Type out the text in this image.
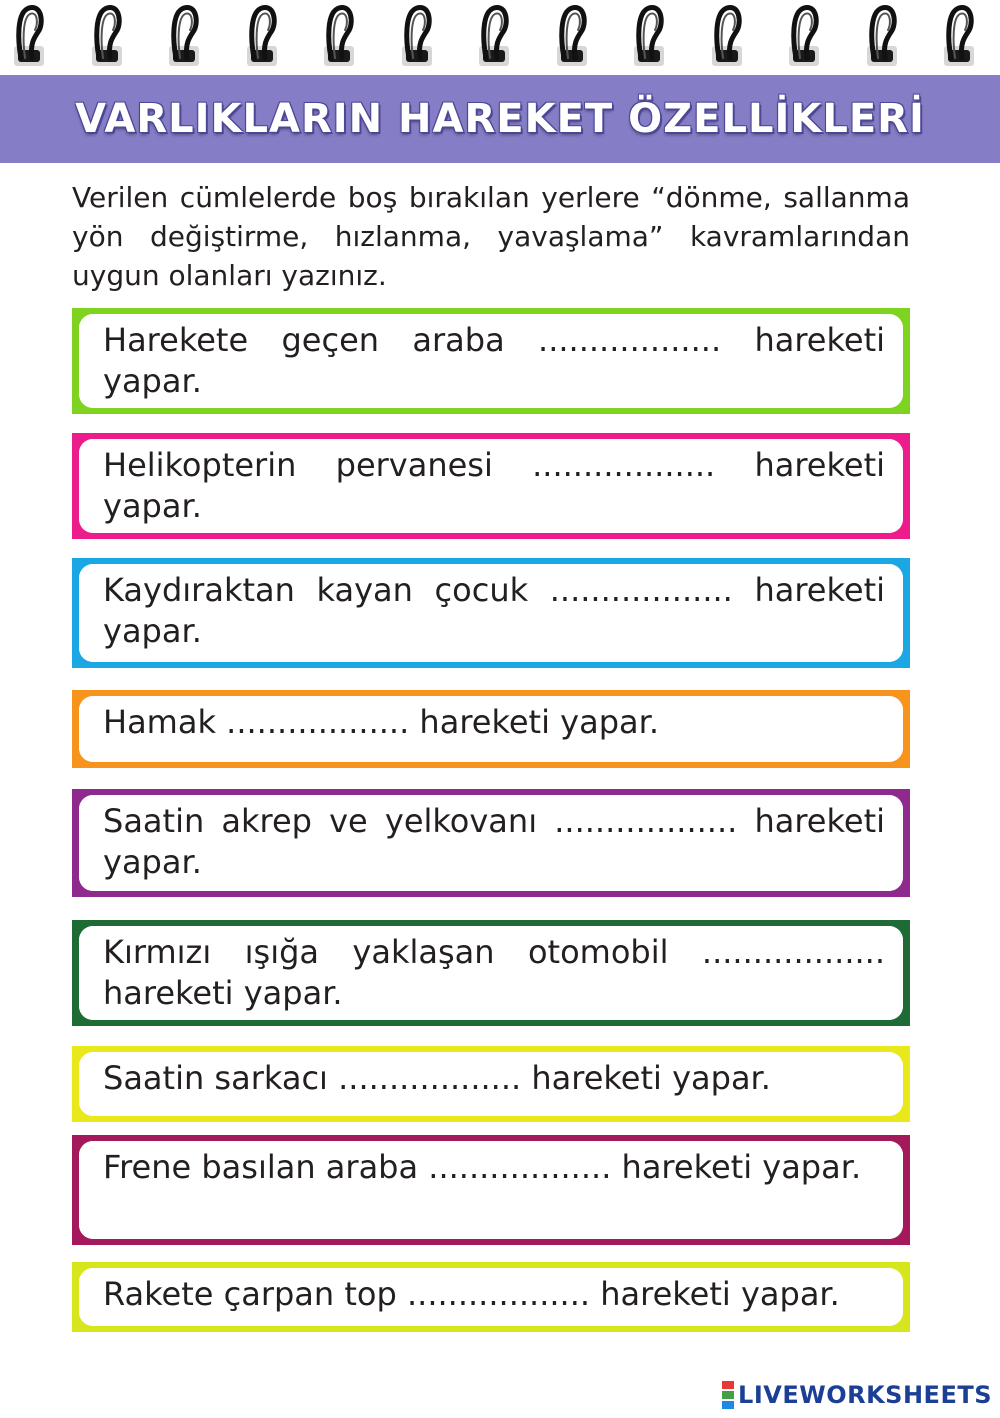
VARLIKLARIN HAREKET ÖZELLİKLERİ
Verilen cümlelerde boş bırakılan yerlere “dönme, sallanma yön değiştirme, hızlanma, yavaşlama” kavramlarından uygun olanları yazınız.
Harekete geçen araba .................. hareketi yapar.
Helikopterin pervanesi .................. hareketi yapar.
Kaydıraktan kayan çocuk .................. hareketi yapar.
Hamak .................. hareketi yapar.
Saatin akrep ve yelkovanı .................. hareketi yapar.
Kırmızı ışığa yaklaşan otomobil .................. hareketi yapar.
Saatin sarkacı .................. hareketi yapar.
Frene basılan araba .................. hareketi yapar.
Rakete çarpan top .................. hareketi yapar.
LIVEWORKSHEETS
